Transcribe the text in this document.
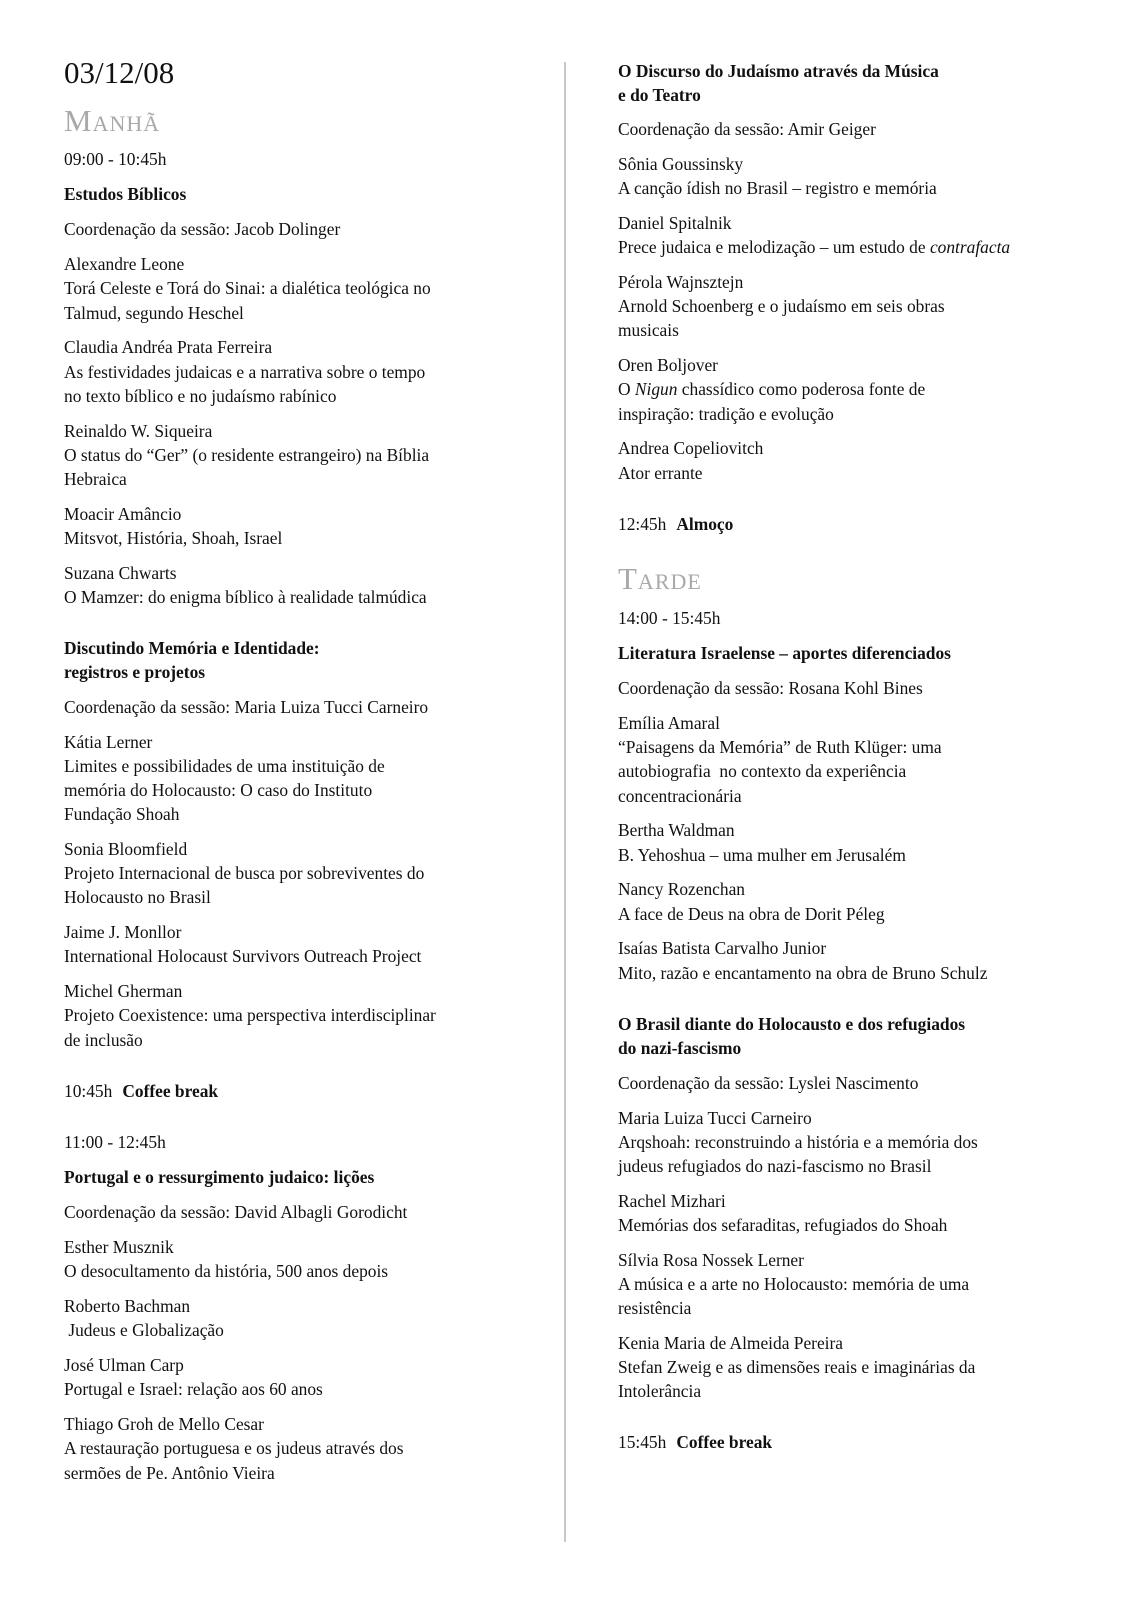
03/12/08
Manhã
09:00 - 10:45h
Estudos Bíblicos
Coordenação da sessão: Jacob Dolinger
Alexandre Leone
Torá Celeste e Torá do Sinai: a dialética teológica no
Talmud, segundo Heschel
Claudia Andréa Prata Ferreira
As festividades judaicas e a narrativa sobre o tempo
no texto bíblico e no judaísmo rabínico
Reinaldo W. Siqueira
O status do “Ger” (o residente estrangeiro) na Bíblia
Hebraica
Moacir Amâncio
Mitsvot, História, Shoah, Israel
Suzana Chwarts
O Mamzer: do enigma bíblico à realidade talmúdica
Discutindo Memória e Identidade:
registros e projetos
Coordenação da sessão: Maria Luiza Tucci Carneiro
Kátia Lerner
Limites e possibilidades de uma instituição de
memória do Holocausto: O caso do Instituto
Fundação Shoah
Sonia Bloomfield
Projeto Internacional de busca por sobreviventes do
Holocausto no Brasil
Jaime J. Monllor
International Holocaust Survivors Outreach Project
Michel Gherman
Projeto Coexistence: uma perspectiva interdisciplinar
de inclusão
10:45h Coffee break
11:00 - 12:45h
Portugal e o ressurgimento judaico: lições
Coordenação da sessão: David Albagli Gorodicht
Esther Musznik
O desocultamento da história, 500 anos depois
Roberto Bachman
Judeus e Globalização
José Ulman Carp
Portugal e Israel: relação aos 60 anos
Thiago Groh de Mello Cesar
A restauração portuguesa e os judeus através dos
sermões de Pe. Antônio Vieira
O Discurso do Judaísmo através da Música
e do Teatro
Coordenação da sessão: Amir Geiger
Sônia Goussinsky
A canção ídish no Brasil – registro e memória
Daniel Spitalnik
Prece judaica e melodização – um estudo de contrafacta
Pérola Wajnsztejn
Arnold Schoenberg e o judaísmo em seis obras
musicais
Oren Boljover
O Nigun chassídico como poderosa fonte de
inspiração: tradição e evolução
Andrea Copeliovitch
Ator errante
12:45h Almoço
Tarde
14:00 - 15:45h
Literatura Israelense – aportes diferenciados
Coordenação da sessão: Rosana Kohl Bines
Emília Amaral
“Paisagens da Memória” de Ruth Klüger: uma
autobiografia  no contexto da experiência
concentracionária
Bertha Waldman
B. Yehoshua – uma mulher em Jerusalém
Nancy Rozenchan
A face de Deus na obra de Dorit Péleg
Isaías Batista Carvalho Junior
Mito, razão e encantamento na obra de Bruno Schulz
O Brasil diante do Holocausto e dos refugiados
do nazi-fascismo
Coordenação da sessão: Lyslei Nascimento
Maria Luiza Tucci Carneiro
Arqshoah: reconstruindo a história e a memória dos
judeus refugiados do nazi-fascismo no Brasil
Rachel Mizhari
Memórias dos sefaraditas, refugiados do Shoah
Sílvia Rosa Nossek Lerner
A música e a arte no Holocausto: memória de uma
resistência
Kenia Maria de Almeida Pereira
Stefan Zweig e as dimensões reais e imaginárias da
Intolerância
15:45h Coffee break
